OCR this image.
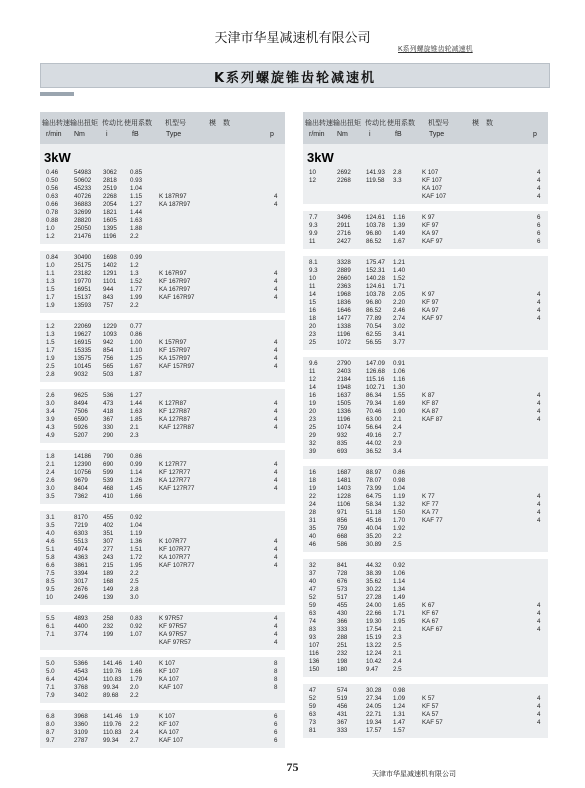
天津市华星减速机有限公司
K系列螺旋锥齿轮减速机
K系列螺旋锥齿轮减速机
输出转速 输出扭矩 传动比 使用系数 机型号	模 数
r/min Nm	i	fB	Type	p
3kW
0.46	54983 3062 0.85
0.50	50602 2818 0.93
0.56	45233 2519 1.04
0.63	40726 2268 1.15	K 187R97	4
0.66	36883 2054 1.27	KA 187R97	4
0.78	32699 1821 1.44
0.88	28820 1605 1.63
1.0	25050 1395 1.88
1.2	21476 1196 2.2
0.84	30490 1698 0.99
1.0	25175 1402 1.2
1.1	23182 1291 1.3	K 167R97	4
1.3	19770 1101 1.52	KF 167R97	4
1.5	16951 944	1.77	KA 167R97	4
1.7	15137 843	1.99	KAF 167R97	4
1.9	13593 757	2.2
1.2	22069 1229 0.77
1.3	19627 1093 0.86
1.5	16915 942	1.00	K 157R97	4
1.7	15335 854	1.10	KF 157R97	4
1.9	13575 756	1.25	KA 157R97	4
2.5	10145 565	1.67	KAF 157R97	4
2.8	9032 503	1.87
2.6	9625 536	1.27
3.0	8494 473	1.44	K 127R87	4
3.4	7506 418	1.63	KF 127R87	4
3.9	6590 367	1.85	KA 127R87	4
4.3	5926 330	2.1	KAF 127R87	4
4.9	5207 290	2.3
1.8	14186 790	0.86
2.1	12390 690	0.99	K 127R77	4
2.4	10756 599	1.14	KF 127R77	4
2.6	9679 539	1.26	KA 127R77	4
3.0	8404 468	1.45	KAF 127R77	4
3.5	7362 410	1.66
3.1	8170 455	0.92
3.5	7219 402	1.04
4.0	6303 351	1.19
4.6	5513 307	1.36	K 107R77	4
5.1	4974 277	1.51	KF 107R77	4
5.8	4363 243	1.72	KA 107R77	4
6.6	3861 215	1.95	KAF 107R77	4
7.5	3394 189	2.2
8.5	3017 168	2.5
9.5	2676 149	2.8
10	2496 139	3.0
5.5	4893 258	0.83	K 97R57	4
6.1	4400 232	0.92	KF 97R57	4
7.1	3774 199	1.07	KA 97R57	4
KAF 97R57	4
5.0	5366 141.46 1.40	K 107	8
5.0	4543 119.76 1.66	KF 107	8
6.4	4204 110.83 1.79	KA 107	8
7.1	3768 99.34 2.0	KAF 107	8
7.9	3402 89.68 2.2
6.8	3968 141.46 1.9	K 107	6
8.0	3360 119.76 2.2	KF 107	6
8.7	3109 110.83 2.4	KA 107	6
9.7	2787 99.34 2.7	KAF 107	6
输出转速 输出扭矩 传动比 使用系数 机型号	模 数
r/min Nm	i	fB	Type	p
3kW
10	2692 141.93 2.8	K 107	4
12	2268 119.58 3.3	KF 107	4
KA 107	4
KAF 107	4
7.7	3496 124.61 1.16	K 97	6
9.3	2911	103.78 1.39	KF 97	6
9.9	2716 96.80 1.49	KA 97	6
11	2427 86.52 1.67	KAF 97	6
8.1	3328 175.47 1.21
9.3	2889 152.31 1.40
10	2660 140.28 1.52
11	2363 124.61 1.71
14	1968 103.78 2.05	K 97	4
15	1836 96.80 2.20	KF 97	4
16	1646 86.52 2.46	KA 97	4
18	1477 77.89 2.74	KAF 97	4
20	1338 70.54 3.02
23	1196	62.55 3.41
25	1072 56.55 3.77
9.6	2790 147.09 0.91
11	2403 126.68 1.06
12	2184 115.16 1.16
14	1948 102.71 1.30
16	1637 86.34 1.55	K 87	4
19	1505 79.34 1.69	KF 87	4
20	1336 70.46 1.90	KA 87	4
23	1196	63.00 2.1	KAF 87	4
25	1074 56.64 2.4
29	932	49.16 2.7
32	835	44.02 2.9
39	693	36.52 3.4
16	1687 88.97 0.86
18	1481 78.07 0.98
19	1403 73.99 1.04
22	1228 64.75 1.19	K 77	4
24	1106	58.34 1.32	KF 77	4
28	971	51.18 1.50	KA 77	4
31	856	45.16 1.70	KAF 77	4
35	759	40.04 1.92
40	668	35.20 2.2
46	586	30.89 2.5
32	841	44.32 0.92
37	728	38.39 1.06
40	676	35.62 1.14
47	573	30.22 1.34
52	517	27.28 1.49
59	455	24.00 1.65	K 67	4
63	430	22.66 1.71	KF 67	4
74	366	19.30 1.95	KA 67	4
83	333	17.54 2.1	KAF 67	4
93	288	15.19 2.3
107	251	13.22 2.5
116	232	12.24 2.1
136	198	10.42 2.4
150	180	9.47 2.5
47	574	30.28 0.98
52	519	27.34 1.09	K 57	4
59	456	24.05 1.24	KF 57	4
63	431	22.71 1.31	KA 57	4
73	367	19.34 1.47	KAF 57	4
81	333	17.57 1.57
75
天津市华星减速机有限公司
